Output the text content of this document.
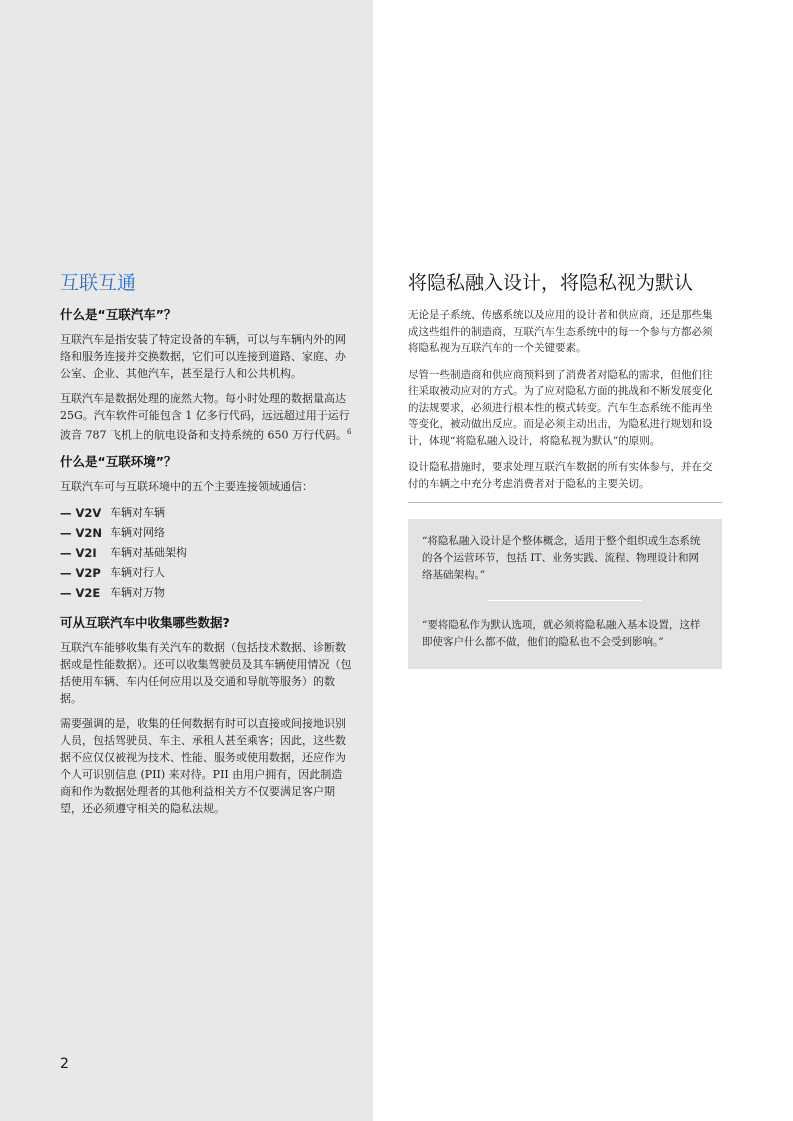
互联互通
什么是“互联汽车”？

互联汽车是指安装了特定设备的车辆，可以与车辆内外的网络和服务连接并交换数据，它们可以连接到道路、家庭、办公室、企业、其他汽车，甚至是行人和公共机构。

互联汽车是数据处理的庞然大物。每小时处理的数据量高达 25G。汽车软件可能包含 1 亿多行代码，远远超过用于运行波音 787 飞机上的航电设备和支持系统的 650 万行代码。$^6$

什么是“互联环境”？

互联汽车可与互联环境中的五个主要连接领域通信：

— V2V 车辆对车辆
— V2N 车辆对网络
— V2I	车辆对基础架构
— V2P 车辆对行人
— V2E 车辆对万物
可从互联汽车中收集哪些数据?

互联汽车能够收集有关汽车的数据（包括技术数据、诊断数据或是性能数据）。还可以收集驾驶员及其车辆使用情况（包括使用车辆、车内任何应用以及交通和导航等服务）的数据。

需要强调的是，收集的任何数据有时可以直接或间接地识别人员，包括驾驶员、车主、承租人甚至乘客；因此，这些数据不应仅仅被视为技术、性能、服务或使用数据，还应作为个人可识别信息 (PII) 来对待。PII 由用户拥有，因此制造商和作为数据处理者的其他利益相关方不仅要满足客户期望，还必须遵守相关的隐私法规。

2
将隐私融入设计，将隐私视为默认

无论是子系统、传感系统以及应用的设计者和供应商，还是那些集成这些组件的制造商，互联汽车生态系统中的每一个参与方都必须将隐私视为互联汽车的一个关键要素。

尽管一些制造商和供应商预料到了消费者对隐私的需求，但他们往往采取被动应对的方式。为了应对隐私方面的挑战和不断发展变化的法规要求，必须进行根本性的模式转变。汽车生态系统不能再坐等变化，被动做出反应。而是必须主动出击，为隐私进行规划和设计，体现“将隐私融入设计，将隐私视为默认”的原则。

设计隐私措施时，要求处理互联汽车数据的所有实体参与，并在交付的车辆之中充分考虑消费者对于隐私的主要关切。

“将隐私融入设计是个整体概念，适用于整个组织或生态系统的各个运营环节，包括 IT、业务实践、流程、物理设计和网络基础架构。”

“要将隐私作为默认选项，就必须将隐私融入基本设置，这样即使客户什么都不做，他们的隐私也不会受到影响。”
